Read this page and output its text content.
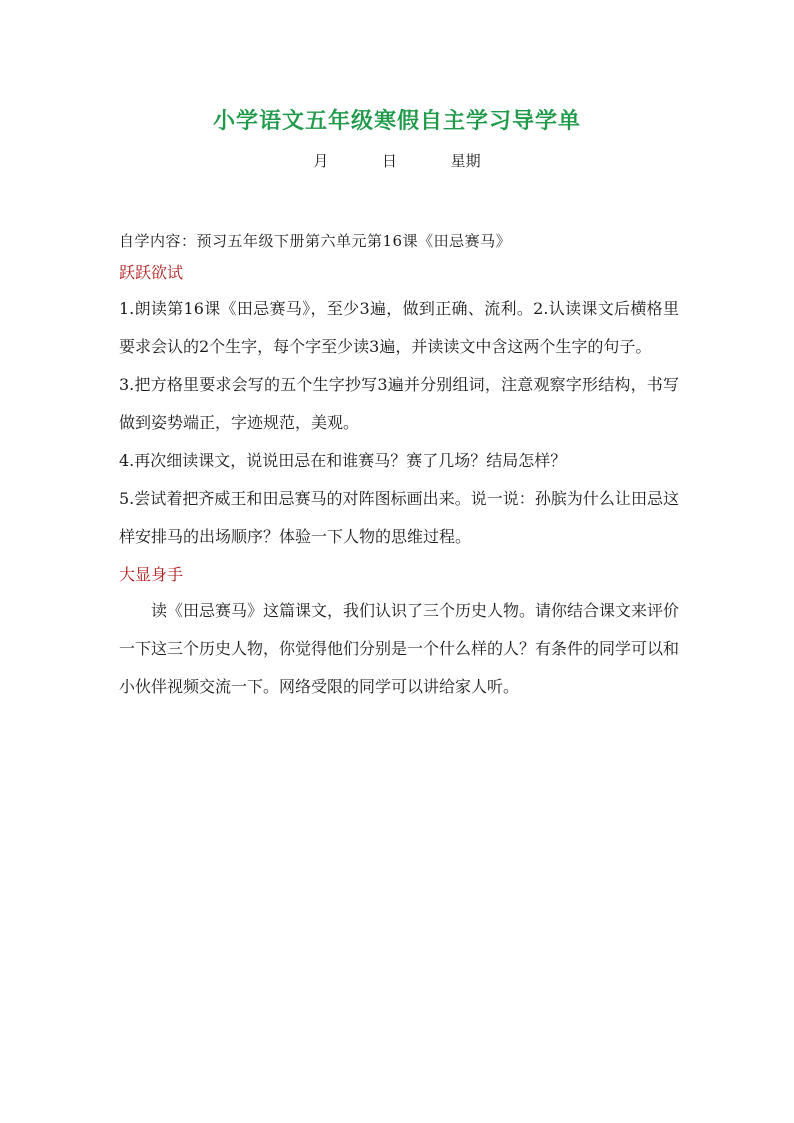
小学语文五年级寒假自主学习导学单
月	日	星期

自学内容：预习五年级下册第六单元第16课《田忌赛马》

跃跃欲试

1.朗读第16课《田忌赛马》，至少3遍，做到正确、流利。2.认读课文后横格里要求会认的2个生字，每个字至少读3遍，并读读文中含这两个生字的句子。

3.把方格里要求会写的五个生字抄写3遍并分别组词，注意观察字形结构，书写做到姿势端正，字迹规范，美观。

4.再次细读课文，说说田忌在和谁赛马？赛了几场？结局怎样？

5.尝试着把齐威王和田忌赛马的对阵图标画出来。说一说：孙膑为什么让田忌这样安排马的出场顺序？体验一下人物的思维过程。

大显身手

读《田忌赛马》这篇课文，我们认识了三个历史人物。请你结合课文来评价一下这三个历史人物，你觉得他们分别是一个什么样的人？有条件的同学可以和小伙伴视频交流一下。网络受限的同学可以讲给家人听。
